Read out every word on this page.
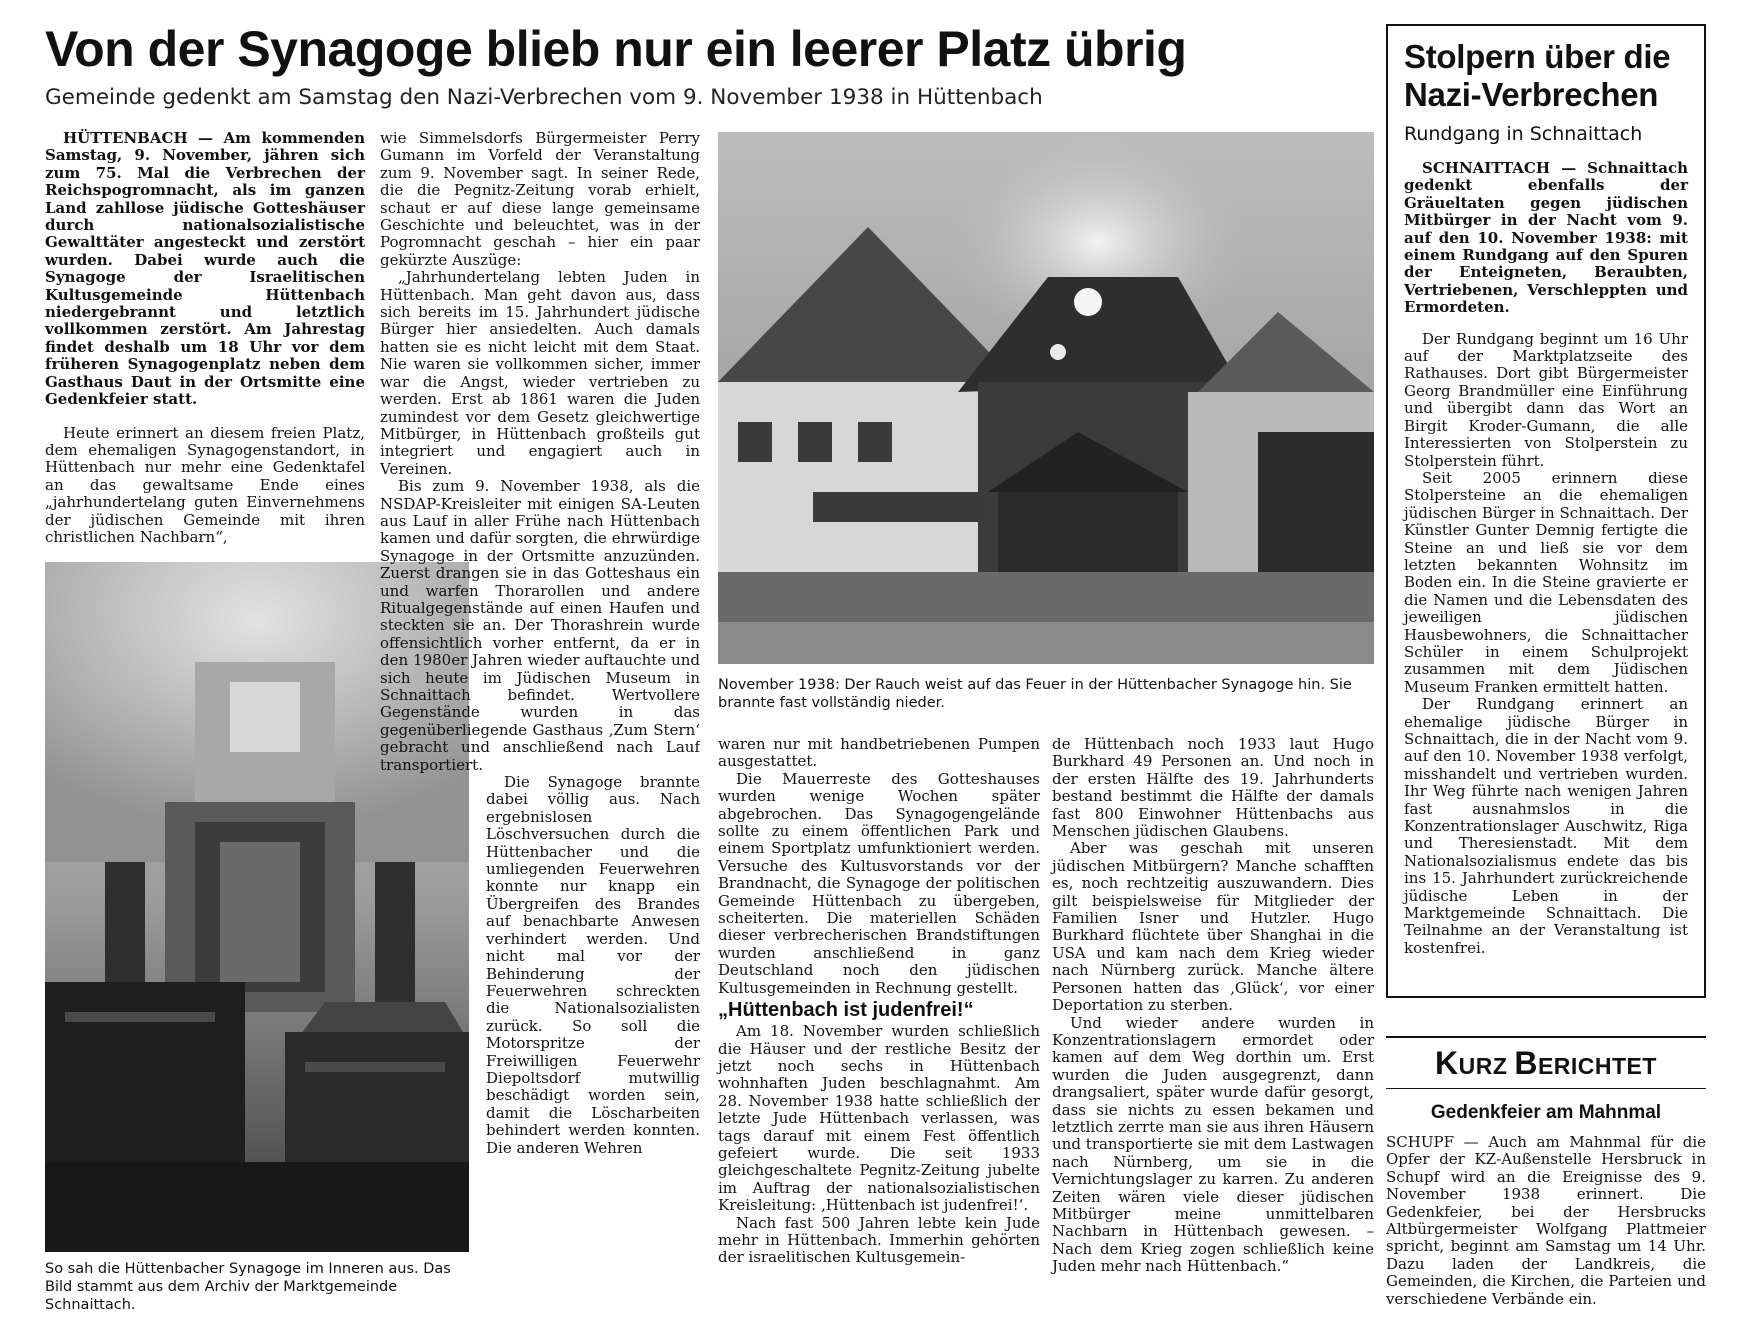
Von der Synagoge blieb nur ein leerer Platz übrig

Gemeinde gedenkt am Samstag den Nazi-Verbrechen vom 9. November 1938 in Hüttenbach

HÜTTENBACH — Am kommenden Samstag, 9. November, jähren sich zum 75. Mal die Verbrechen der Reichspogromnacht, als im ganzen Land zahllose jüdische Gotteshäuser durch nationalsozialistische Gewalttäter angesteckt und zerstört wurden. Dabei wurde auch die Synagoge der Israelitischen Kultusgemeinde Hüttenbach niedergebrannt und letztlich vollkommen zerstört. Am Jahrestag findet deshalb um 18 Uhr vor dem früheren Synagogenplatz neben dem Gasthaus Daut in der Ortsmitte eine Gedenkfeier statt.

Heute erinnert an diesem freien Platz, dem ehemaligen Synagogenstandort, in Hüttenbach nur mehr eine Gedenktafel an das gewaltsame Ende eines „jahrhundertelang guten Einvernehmens der jüdischen Gemeinde mit ihren christlichen Nachbarn“,

So sah die Hüttenbacher Synagoge im Inneren aus. Das Bild stammt aus dem Archiv der Marktgemeinde Schnaittach.

wie Simmelsdorfs Bürgermeister Perry Gumann im Vorfeld der Veranstaltung zum 9. November sagt. In seiner Rede, die die Pegnitz-Zeitung vorab erhielt, schaut er auf diese lange gemeinsame Geschichte und beleuchtet, was in der Pogromnacht geschah – hier ein paar gekürzte Auszüge:

„Jahrhundertelang lebten Juden in Hüttenbach. Man geht davon aus, dass sich bereits im 15. Jahrhundert jüdische Bürger hier ansiedelten. Auch damals hatten sie es nicht leicht mit dem Staat. Nie waren sie vollkommen sicher, immer war die Angst, wieder vertrieben zu werden. Erst ab 1861 waren die Juden zumindest vor dem Gesetz gleichwertige Mitbürger, in Hüttenbach großteils gut integriert und engagiert auch in Vereinen.

Bis zum 9. November 1938, als die NSDAP-Kreisleiter mit einigen SA-Leuten aus Lauf in aller Frühe nach Hüttenbach kamen und dafür sorgten, die ehrwürdige Synagoge in der Ortsmitte anzuzünden. Zuerst drangen sie in das Gotteshaus ein und warfen Thorarollen und andere Ritualgegenstände auf einen Haufen und steckten sie an. Der Thorashrein wurde offensichtlich vorher entfernt, da er in den 1980er Jahren wieder auftauchte und sich heute im Jüdischen Museum in Schnaittach befindet. Wertvollere Gegenstände wurden in das gegenüberliegende Gasthaus ‚Zum Stern‘ gebracht und anschließend nach Lauf transportiert.

Die Synagoge brannte dabei völlig aus. Nach ergebnislosen Löschversuchen durch die Hüttenbacher und die umliegenden Feuerwehren konnte nur knapp ein Übergreifen des Brandes auf benachbarte Anwesen verhindert werden. Und nicht mal vor der Behinderung der Feuerwehren schreckten die Nationalsozialisten zurück. So soll die Motorspritze der Freiwilligen Feuerwehr Diepoltsdorf mutwillig beschädigt worden sein, damit die Löscharbeiten behindert werden konnten. Die anderen Wehren

November 1938: Der Rauch weist auf das Feuer in der Hüttenbacher Synagoge hin. Sie brannte fast vollständig nieder.

waren nur mit handbetriebenen Pumpen ausgestattet.

Die Mauerreste des Gotteshauses wurden wenige Wochen später abgebrochen. Das Synagogengelände sollte zu einem öffentlichen Park und einem Sportplatz umfunktioniert werden. Versuche des Kultusvorstands vor der Brandnacht, die Synagoge der politischen Gemeinde Hüttenbach zu übergeben, scheiterten. Die materiellen Schäden dieser verbrecherischen Brandstiftungen wurden anschließend in ganz Deutschland noch den jüdischen Kultusgemeinden in Rechnung gestellt.

„Hüttenbach ist judenfrei!“

Am 18. November wurden schließlich die Häuser und der restliche Besitz der jetzt noch sechs in Hüttenbach wohnhaften Juden beschlagnahmt. Am 28. November 1938 hatte schließlich der letzte Jude Hüttenbach verlassen, was tags darauf mit einem Fest öffentlich gefeiert wurde. Die seit 1933 gleichgeschaltete Pegnitz-Zeitung jubelte im Auftrag der nationalsozialistischen Kreisleitung: ‚Hüttenbach ist judenfrei!‘.

Nach fast 500 Jahren lebte kein Jude mehr in Hüttenbach. Immerhin gehörten der israelitischen Kultusgemein-

de Hüttenbach noch 1933 laut Hugo Burkhard 49 Personen an. Und noch in der ersten Hälfte des 19. Jahrhunderts bestand bestimmt die Hälfte der damals fast 800 Einwohner Hüttenbachs aus Menschen jüdischen Glaubens.

Aber was geschah mit unseren jüdischen Mitbürgern? Manche schafften es, noch rechtzeitig auszuwandern. Dies gilt beispielsweise für Mitglieder der Familien Isner und Hutzler. Hugo Burkhard flüchtete über Shanghai in die USA und kam nach dem Krieg wieder nach Nürnberg zurück. Manche ältere Personen hatten das ‚Glück‘, vor einer Deportation zu sterben.

Und wieder andere wurden in Konzentrationslagern ermordet oder kamen auf dem Weg dorthin um. Erst wurden die Juden ausgegrenzt, dann drangsaliert, später wurde dafür gesorgt, dass sie nichts zu essen bekamen und letztlich zerrte man sie aus ihren Häusern und transportierte sie mit dem Lastwagen nach Nürnberg, um sie in die Vernichtungslager zu karren. Zu anderen Zeiten wären viele dieser jüdischen Mitbürger meine unmittelbaren Nachbarn in Hüttenbach gewesen. – Nach dem Krieg zogen schließlich keine Juden mehr nach Hüttenbach.“

Stolpern über die
Nazi-Verbrechen

Rundgang in Schnaittach

SCHNAITTACH — Schnaittach gedenkt ebenfalls der Gräueltaten gegen jüdischen Mitbürger in der Nacht vom 9. auf den 10. November 1938: mit einem Rundgang auf den Spuren der Enteigneten, Beraubten, Vertriebenen, Verschleppten und Ermordeten.

Der Rundgang beginnt um 16 Uhr auf der Marktplatzseite des Rathauses. Dort gibt Bürgermeister Georg Brandmüller eine Einführung und übergibt dann das Wort an Birgit Kroder-Gumann, die alle Interessierten von Stolperstein zu Stolperstein führt.

Seit 2005 erinnern diese Stolpersteine an die ehemaligen jüdischen Bürger in Schnaittach. Der Künstler Gunter Demnig fertigte die Steine an und ließ sie vor dem letzten bekannten Wohnsitz im Boden ein. In die Steine gravierte er die Namen und die Lebensdaten des jeweiligen jüdischen Hausbewohners, die Schnaittacher Schüler in einem Schulprojekt zusammen mit dem Jüdischen Museum Franken ermittelt hatten.

Der Rundgang erinnert an ehemalige jüdische Bürger in Schnaittach, die in der Nacht vom 9. auf den 10. November 1938 verfolgt, misshandelt und vertrieben wurden. Ihr Weg führte nach wenigen Jahren fast ausnahmslos in die Konzentrationslager Auschwitz, Riga und Theresienstadt. Mit dem Nationalsozialismus endete das bis ins 15. Jahrhundert zurückreichende jüdische Leben in der Marktgemeinde Schnaittach. Die Teilnahme an der Veranstaltung ist kostenfrei.

KURZ BERICHTET
Gedenkfeier am Mahnmal

SCHUPF — Auch am Mahnmal für die Opfer der KZ-Außenstelle Hersbruck in Schupf wird an die Ereignisse des 9. November 1938 erinnert. Die Gedenkfeier, bei der Hersbrucks Altbürgermeister Wolfgang Plattmeier spricht, beginnt am Samstag um 14 Uhr. Dazu laden der Landkreis, die Gemeinden, die Kirchen, die Parteien und verschiedene Verbände ein.
